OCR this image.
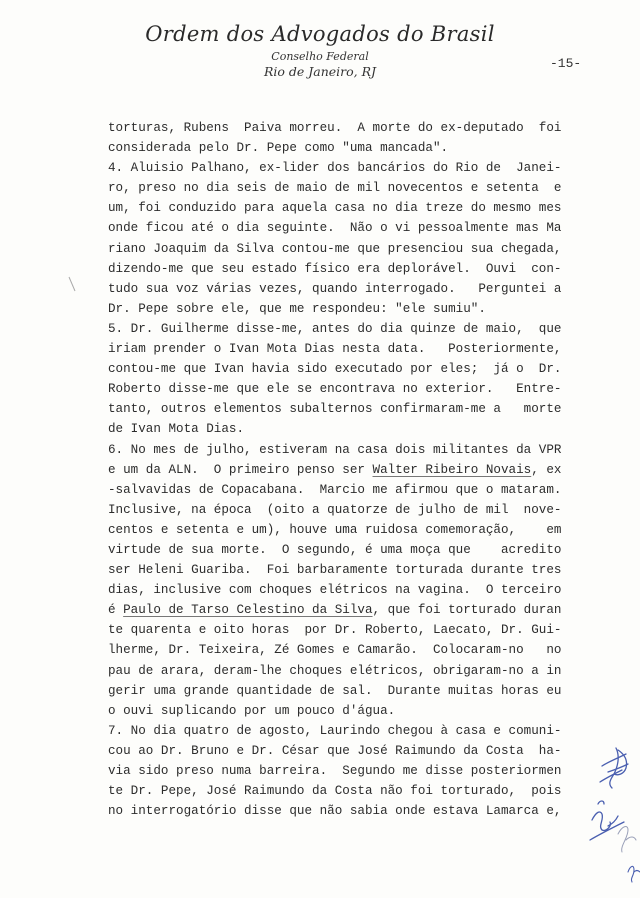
Ordem dos Advogados do Brasil
Conselho Federal
Rio de Janeiro, RJ
-15-
torturas, Rubens  Paiva morreu.  A morte do ex-deputado  foi
considerada pelo Dr. Pepe como "uma mancada".
4. Aluisio Palhano, ex-lider dos bancários do Rio de  Janei-
ro, preso no dia seis de maio de mil novecentos e setenta  e
um, foi conduzido para aquela casa no dia treze do mesmo mes
onde ficou até o dia seguinte.  Não o vi pessoalmente mas Ma
riano Joaquim da Silva contou-me que presenciou sua chegada,
dizendo-me que seu estado físico era deplorável.  Ouvi  con-
tudo sua voz várias vezes, quando interrogado.   Perguntei a
Dr. Pepe sobre ele, que me respondeu: "ele sumiu".
5. Dr. Guilherme disse-me, antes do dia quinze de maio,  que
iriam prender o Ivan Mota Dias nesta data.   Posteriormente,
contou-me que Ivan havia sido executado por eles;  já o  Dr.
Roberto disse-me que ele se encontrava no exterior.   Entre-
tanto, outros elementos subalternos confirmaram-me a   morte
de Ivan Mota Dias.
6. No mes de julho, estiveram na casa dois militantes da VPR
e um da ALN.  O primeiro penso ser Walter Ribeiro Novais, ex
-salvavidas de Copacabana.  Marcio me afirmou que o mataram.
Inclusive, na época  (oito a quatorze de julho de mil  nove-
centos e setenta e um), houve uma ruidosa comemoração,    em
virtude de sua morte.  O segundo, é uma moça que    acredito
ser Heleni Guariba.  Foi barbaramente torturada durante tres
dias, inclusive com choques elétricos na vagina.  O terceiro
é Paulo de Tarso Celestino da Silva, que foi torturado duran
te quarenta e oito horas  por Dr. Roberto, Laecato, Dr. Gui-
lherme, Dr. Teixeira, Zé Gomes e Camarão.  Colocaram-no   no
pau de arara, deram-lhe choques elétricos, obrigaram-no a in
gerir uma grande quantidade de sal.  Durante muitas horas eu
o ouvi suplicando por um pouco d'água.
7. No dia quatro de agosto, Laurindo chegou à casa e comuni-
cou ao Dr. Bruno e Dr. César que José Raimundo da Costa  ha-
via sido preso numa barreira.  Segundo me disse posteriormen
te Dr. Pepe, José Raimundo da Costa não foi torturado,  pois
no interrogatório disse que não sabia onde estava Lamarca e,
